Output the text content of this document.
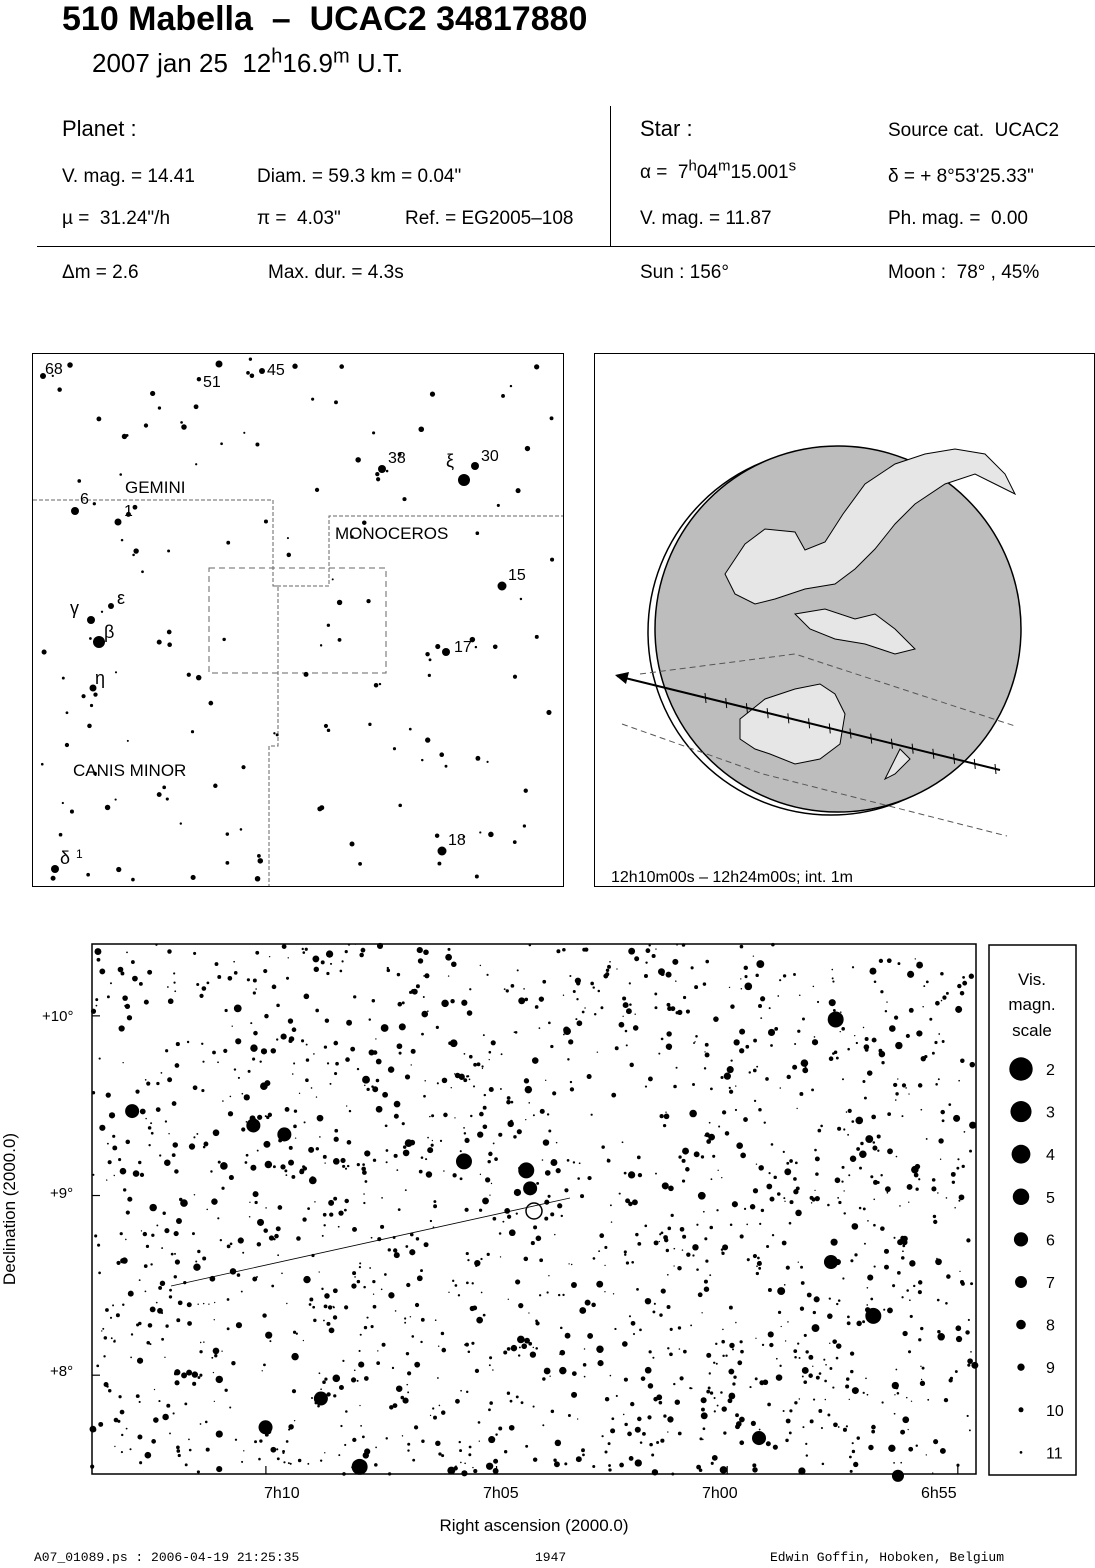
510 Mabella  –  UCAC2 34817880
2007 jan 25  12$^h$16.9$^m$ U.T.
Planet :
V. mag. = 14.41	Diam. = 59.3 km = 0.04"
µ =  31.24"/h	π =  4.03"	Ref. = EG2005–108
Star :	Source cat.  UCAC2
α =  7$^h$04$^m$15.001$^s$	δ = + 8°53'25.33"
V. mag. = 11.87	Ph. mag. =  0.00
Δm = 2.6	Max. dur. = 4.3s	Sun : 156°	Moon :  78° , 45%
GEMINI
MONOCEROS
CANIS MINOR
68
51
45
38 ξ 30
6
1
15
γ ε
β
η
17
18
δ 1
12h10m00s – 12h24m00s; int. 1m
7h10	7h05	7h00	6h55
+10°
+9°
+8°
Right ascension (2000.0)
Declination (2000.0)
Vis.
magn.
scale
2
3
4
5
6
7
8
9
10
11
A07_01089.ps : 2006-04-19 21:25:35	1947	Edwin Goffin, Hoboken, Belgium
